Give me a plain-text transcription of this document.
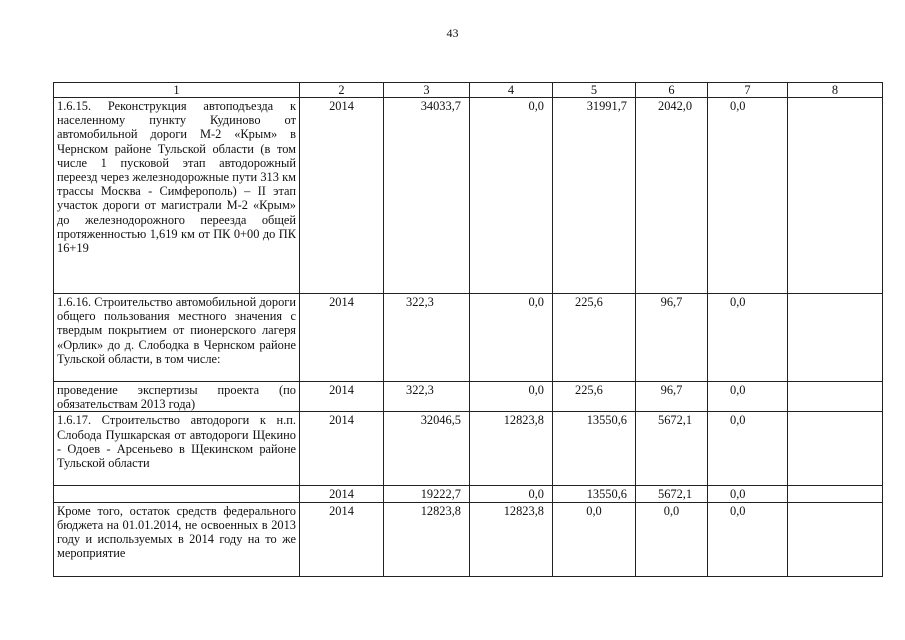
43
1	2	3	4	5	6	7	8
1.6.15. Реконструкция автоподъезда к населенному пункту Кудиново от автомобильной дороги М-2 «Крым» в Чернском районе Тульской области (в том числе 1 пусковой этап автодорожный переезд через железнодорожные пути 313 км трассы Москва - Симферополь) – II этап участок дороги от магистрали М-2 «Крым» до железнодорожного переезда общей протяженностью 1,619 км от ПК 0+00 до ПК 16+19	2014	34033,7	0,0	31991,7	2042,0	0,0	
1.6.16. Строительство автомобильной дороги общего пользования местного значения с твердым покрытием от пионерского лагеря «Орлик» до д. Слободка в Чернском районе Тульской области, в том числе:	2014	322,3	0,0	225,6	96,7	0,0	
проведение экспертизы проекта (по обязательствам 2013 года)	2014	322,3	0,0	225,6	96,7	0,0	
1.6.17. Строительство автодороги к н.п. Слобода Пушкарская от автодороги Щекино - Одоев - Арсеньево в Щекинском районе Тульской области	2014	32046,5	12823,8	13550,6	5672,1	0,0	
	2014	19222,7	0,0	13550,6	5672,1	0,0	
Кроме того, остаток средств федерального бюджета на 01.01.2014, не освоенных в 2013 году и используемых в 2014 году на то же мероприятие	2014	12823,8	12823,8	0,0	0,0	0,0	
